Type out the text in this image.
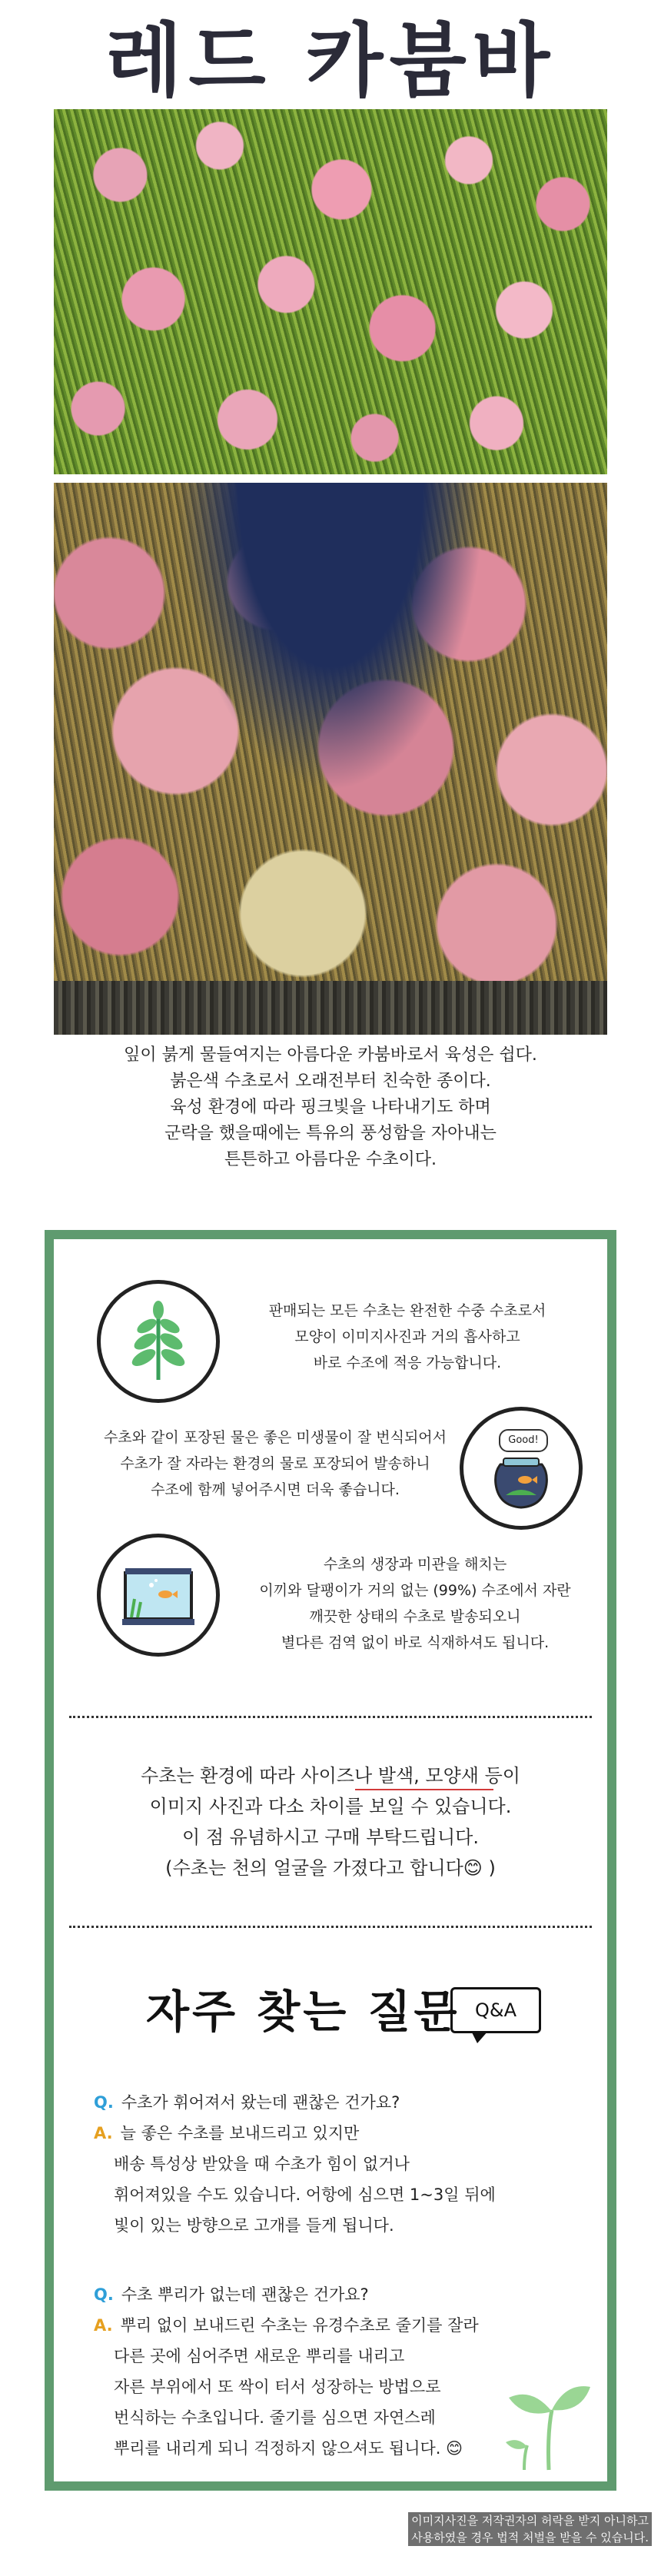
레드 카붐바
잎이 붉게 물들여지는 아름다운 카붐바로서 육성은 쉽다.
붉은색 수초로서 오래전부터 친숙한 종이다.
육성 환경에 따라 핑크빛을 나타내기도 하며
군락을 했을때에는 특유의 풍성함을 자아내는
튼튼하고 아름다운 수초이다.
판매되는 모든 수초는 완전한 수중 수초로서
모양이 이미지사진과 거의 흡사하고
바로 수조에 적응 가능합니다.
수초와 같이 포장된 물은 좋은 미생물이 잘 번식되어서
수초가 잘 자라는 환경의 물로 포장되어 발송하니
수조에 함께 넣어주시면 더욱 좋습니다.
Good!
수초의 생장과 미관을 해치는
이끼와 달팽이가 거의 없는 (99%) 수조에서 자란
깨끗한 상태의 수초로 발송되오니
별다른 검역 없이 바로 식재하셔도 됩니다.
수초는 환경에 따라 사이즈나 발색, 모양새 등이
이미지 사진과 다소 차이를 보일 수 있습니다.
이 점 유념하시고 구매 부탁드립니다.
(수초는 천의 얼굴을 가졌다고 합니다😊 )
자주 찾는 질문 Q&A
Q. 수초가 휘어져서 왔는데 괜찮은 건가요?
A. 늘 좋은 수초를 보내드리고 있지만
배송 특성상 받았을 때 수초가 힘이 없거나
휘어져있을 수도 있습니다. 어항에 심으면 1~3일 뒤에
빛이 있는 방향으로 고개를 들게 됩니다.
Q. 수초 뿌리가 없는데 괜찮은 건가요?
A. 뿌리 없이 보내드린 수초는 유경수초로 줄기를 잘라
다른 곳에 심어주면 새로운 뿌리를 내리고
자른 부위에서 또 싹이 터서 성장하는 방법으로
번식하는 수초입니다. 줄기를 심으면 자연스레
뿌리를 내리게 되니 걱정하지 않으셔도 됩니다. 😊
이미지사진을 저작권자의 허락을 받지 아니하고
사용하였을 경우 법적 처벌을 받을 수 있습니다.
